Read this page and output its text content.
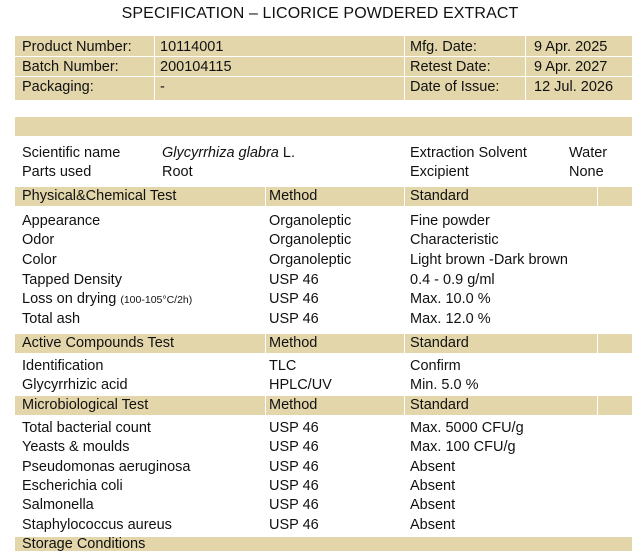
SPECIFICATION – LICORICE POWDERED EXTRACT
Product Number: 10114001	Mfg. Date:	9 Apr. 2025
Batch Number:	200104115	Retest Date:	9 Apr. 2027
Packaging:	-	Date of Issue: 12 Jul. 2026
Scientific name	Glycyrrhiza glabra L.	Extraction Solvent	Water
Parts used	Root	Excipient	None
Physical&Chemical Test	Method	Standard
Appearance	Organoleptic	Fine powder
Odor	Organoleptic	Characteristic
Color	Organoleptic	Light brown -Dark brown
Tapped Density	USP 46	0.4 - 0.9 g/ml
Loss on drying (100-105°C/2h)	USP 46	Max. 10.0 %
Total ash	USP 46	Max. 12.0 %
Active Compounds Test	Method	Standard
Identification	TLC	Confirm
Glycyrrhizic acid	HPLC/UV	Min. 5.0 %
Microbiological Test	Method	Standard
Total bacterial count	USP 46	Max. 5000 CFU/g
Yeasts & moulds	USP 46	Max. 100 CFU/g
Pseudomonas aeruginosa	USP 46	Absent
Escherichia coli	USP 46	Absent
Salmonella	USP 46	Absent
Staphylococcus aureus	USP 46	Absent
Storage Conditions
